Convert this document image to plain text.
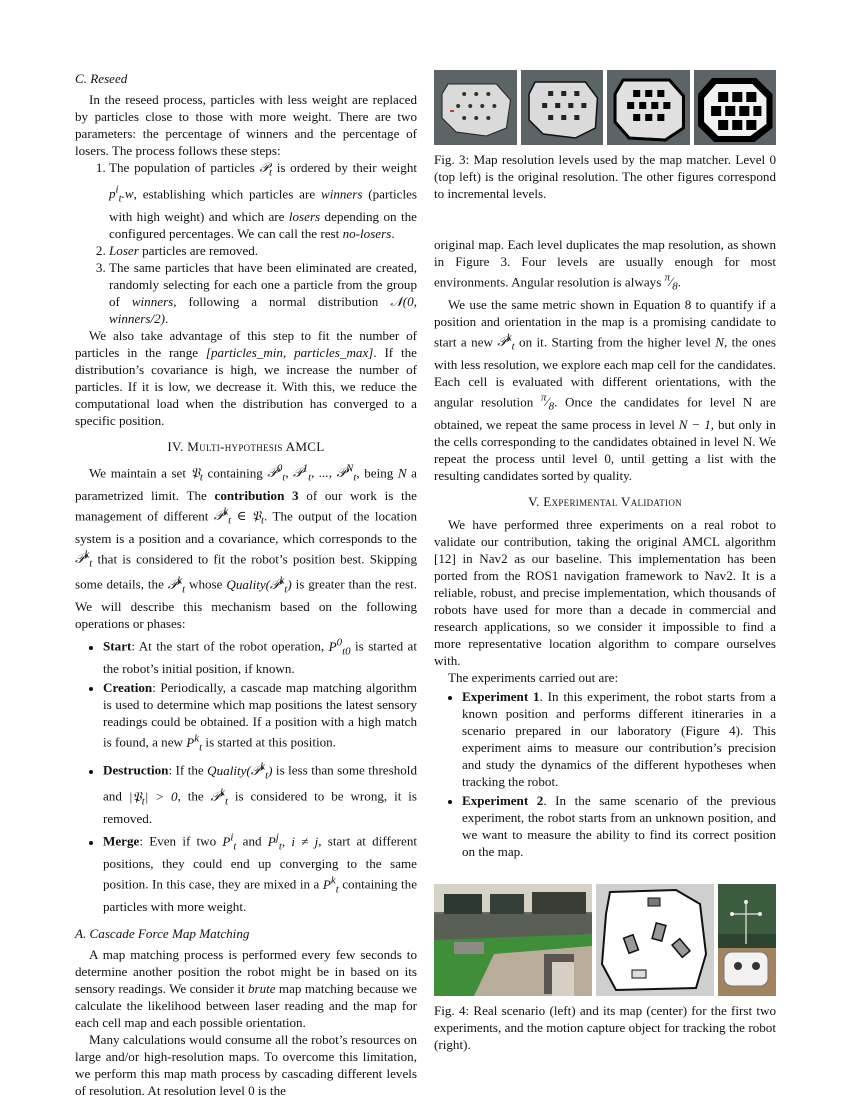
C. Reseed

In the reseed process, particles with less weight are replaced by particles close to those with more weight. There are two parameters: the percentage of winners and the percentage of losers. The process follows these steps:

1. The population of particles 𝒫$_t$ is ordered by their weight $p^i_t.w$, establishing which particles are winners (particles with high weight) and which are losers depending on the configured percentages. We can call the rest no-losers.
2. Loser particles are removed.
3. The same particles that have been eliminated are created, randomly selecting for each one a particle from the group of winners, following a normal distribution 𝒩(0, winners/2).

We also take advantage of this step to fit the number of particles in the range [particles_min, particles_max]. If the distribution’s covariance is high, we increase the number of particles. If it is low, we decrease it. With this, we reduce the computational load when the distribution has converged to a specific position.

IV. Multi-hypothesis AMCL

We maintain a set 𝔓$_t$ containing 𝒫$^0_t$, 𝒫$^1_t$, ..., 𝒫$^N_t$, being N a parametrized limit. The contribution 3 of our work is the management of different 𝒫$^k_t$ ∈ 𝔓$_t$. The output of the location system is a position and a covariance, which corresponds to the 𝒫$^k_t$ that is considered to fit the robot’s position best. Skipping some details, the 𝒫$^k_t$ whose Quality(𝒫$^k_t$) is greater than the rest. We will describe this mechanism based on the following operations or phases:

• Start: At the start of the robot operation, $P^0_{t0}$ is started at the robot’s initial position, if known.
• Creation: Periodically, a cascade map matching algorithm is used to determine which map positions the latest sensory readings could be obtained. If a position with a high match is found, a new $P^k_t$ is started at this position.
• Destruction: If the Quality(𝒫$^k_t$) is less than some threshold and |𝔓$_t$| > 0, the 𝒫$^k_t$ is considered to be wrong, it is removed.
• Merge: Even if two $P^i_t$ and $P^j_t$, i ≠ j, start at different positions, they could end up converging to the same position. In this case, they are mixed in a $P^k_t$ containing the particles with more weight.

A. Cascade Force Map Matching

A map matching process is performed every few seconds to determine another position the robot might be in based on its sensory readings. We consider it brute map matching because we calculate the likelihood between laser reading and the map for each cell map and each possible orientation.

Many calculations would consume all the robot’s resources on large and/or high-resolution maps. To overcome this limitation, we perform this map math process by cascading different levels of resolution. At resolution level 0 is the

Fig. 3: Map resolution levels used by the map matcher. Level 0 (top left) is the original resolution. The other figures correspond to incremental levels.

original map. Each level duplicates the map resolution, as shown in Figure 3. Four levels are usually enough for most environments. Angular resolution is always $^\pi⁄_8$.

We use the same metric shown in Equation 8 to quantify if a position and orientation in the map is a promising candidate to start a new 𝒫$^k_t$ on it. Starting from the higher level N, the ones with less resolution, we explore each map cell for the candidates. Each cell is evaluated with different orientations, with the angular resolution $^\pi⁄_8$. Once the candidates for level N are obtained, we repeat the same process in level N − 1, but only in the cells corresponding to the candidates obtained in level N. We repeat the process until level 0, until getting a list with the resulting candidates sorted by quality.

V. Experimental Validation

We have performed three experiments on a real robot to validate our contribution, taking the original AMCL algorithm [12] in Nav2 as our baseline. This implementation has been ported from the ROS1 navigation framework to Nav2. It is a reliable, robust, and precise implementation, which thousands of robots have used for more than a decade in commercial and research applications, so we consider it impossible to find a more representative location algorithm to compare ourselves with.

The experiments carried out are:

• Experiment 1. In this experiment, the robot starts from a known position and performs different itineraries in a scenario prepared in our laboratory (Figure 4). This experiment aims to measure our contribution’s precision and study the dynamics of the different hypotheses when tracking the robot.
• Experiment 2. In the same scenario of the previous experiment, the robot starts from an unknown position, and we want to measure the ability to find its correct position on the map.

Fig. 4: Real scenario (left) and its map (center) for the first two experiments, and the motion capture object for tracking the robot (right).
